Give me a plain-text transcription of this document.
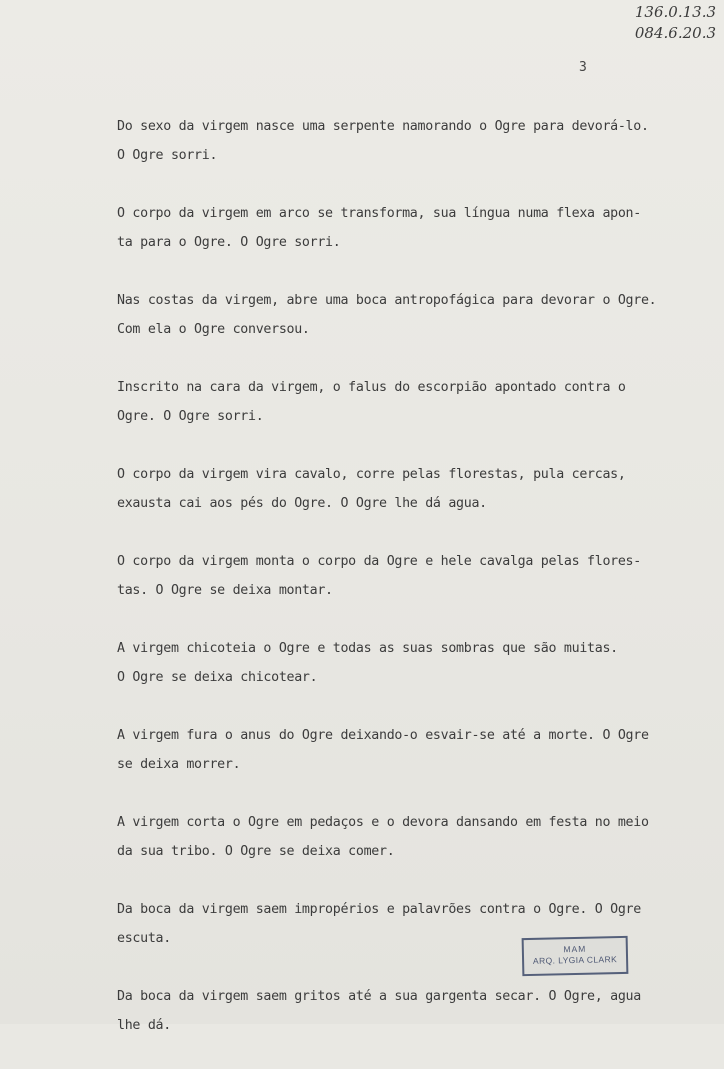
136.0.13.3
084.6.20.3
3

Do sexo da virgem nasce uma serpente namorando o Ogre para devorá-lo.
O Ogre sorri.

O corpo da virgem em arco se transforma, sua língua numa flexa apon-
ta para o Ogre. O Ogre sorri.

Nas costas da virgem, abre uma boca antropofágica para devorar o Ogre.
Com ela o Ogre conversou.

Inscrito na cara da virgem, o falus do escorpião apontado contra o
Ogre. O Ogre sorri.

O corpo da virgem vira cavalo, corre pelas florestas, pula cercas,
exausta cai aos pés do Ogre. O Ogre lhe dá agua.

O corpo da virgem monta o corpo da Ogre e hele cavalga pelas flores-
tas. O Ogre se deixa montar.

A virgem chicoteia o Ogre e todas as suas sombras que são muitas.
O Ogre se deixa chicotear.

A virgem fura o anus do Ogre deixando-o esvair-se até a morte. O Ogre
se deixa morrer.

A virgem corta o Ogre em pedaços e o devora dansando em festa no meio
da sua tribo. O Ogre se deixa comer.

Da boca da virgem saem impropérios e palavrões contra o Ogre. O Ogre
escuta.

Da boca da virgem saem gritos até a sua gargenta secar. O Ogre, agua
lhe dá.

MAM
ARQ. LYGIA CLARK
